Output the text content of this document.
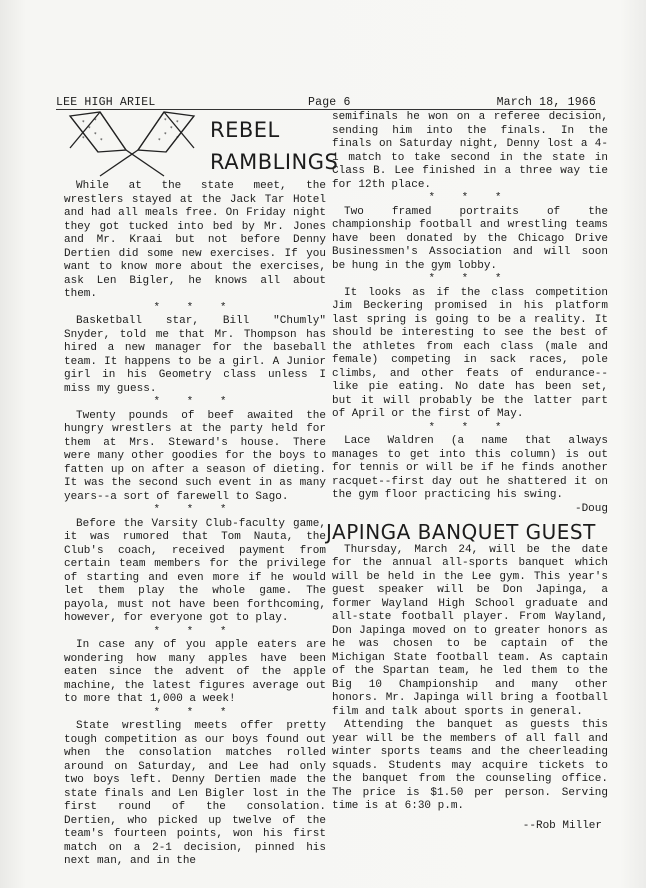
LEE HIGH ARIEL	Page 6	March 18, 1966
*
*
*
*
*
*	*
*
*
*	*
* REBEL
RAMBLINGS

While at the state meet, the wrestlers stayed at the Jack Tar Hotel and had all meals free. On Friday night they got tucked into bed by Mr. Jones and Mr. Kraai but not before Denny Dertien did some new exercises. If you want to know more about the exercises, ask Len Bigler, he knows all about them.

* * *

Basketball star, Bill "Chumly" Snyder, told me that Mr. Thompson has hired a new manager for the baseball team. It happens to be a girl. A Junior girl in his Geometry class unless I miss my guess.

* * *

Twenty pounds of beef awaited the hungry wrestlers at the party held for them at Mrs. Steward's house. There were many other goodies for the boys to fatten up on after a season of dieting. It was the second such event in as many years--a sort of farewell to Sago.

* * *

Before the Varsity Club-faculty game, it was rumored that Tom Nauta, the Club's coach, received payment from certain team members for the privilege of starting and even more if he would let them play the whole game. The payola, must not have been forthcoming, however, for everyone got to play.

* * *

In case any of you apple eaters are wondering how many apples have been eaten since the advent of the apple machine, the latest figures average out to more that 1,000 a week!

* * *

State wrestling meets offer pretty tough competition as our boys found out when the consolation matches rolled around on Saturday, and Lee had only two boys left. Denny Dertien made the state finals and Len Bigler lost in the first round of the consolation. Dertien, who picked up twelve of the team's fourteen points, won his first match on a 2-1 decision, pinned his next man, and in the

semifinals he won on a referee decision, sending him into the finals. In the finals on Saturday night, Denny lost a 4-1 match to take second in the state in Class B. Lee finished in a three way tie for 12th place.

* * *

Two framed portraits of the championship football and wrestling teams have been donated by the Chicago Drive Businessmen's Association and will soon be hung in the gym lobby.

* * *

It looks as if the class competition Jim Beckering promised in his platform last spring is going to be a reality. It should be interesting to see the best of the athletes from each class (male and female) competing in sack races, pole climbs, and other feats of endurance--like pie eating. No date has been set, but it will probably be the latter part of April or the first of May.

* * *

Lace Waldren (a name that always manages to get into this column) is out for tennis or will be if he finds another racquet--first day out he shattered it on the gym floor practicing his swing.

-Doug
JAPINGA BANQUET GUEST

Thursday, March 24, will be the date for the annual all-sports banquet which will be held in the Lee gym. This year's guest speaker will be Don Japinga, a former Wayland High School graduate and all-state football player. From Wayland, Don Japinga moved on to greater honors as he was chosen to be captain of the Michigan State football team. As captain of the Spartan team, he led them to the Big 10 Championship and many other honors. Mr. Japinga will bring a football film and talk about sports in general.

Attending the banquet as guests this year will be the members of all fall and winter sports teams and the cheerleading squads. Students may acquire tickets to the banquet from the counseling office. The price is $1.50 per person. Serving time is at 6:30 p.m.

--Rob Miller
